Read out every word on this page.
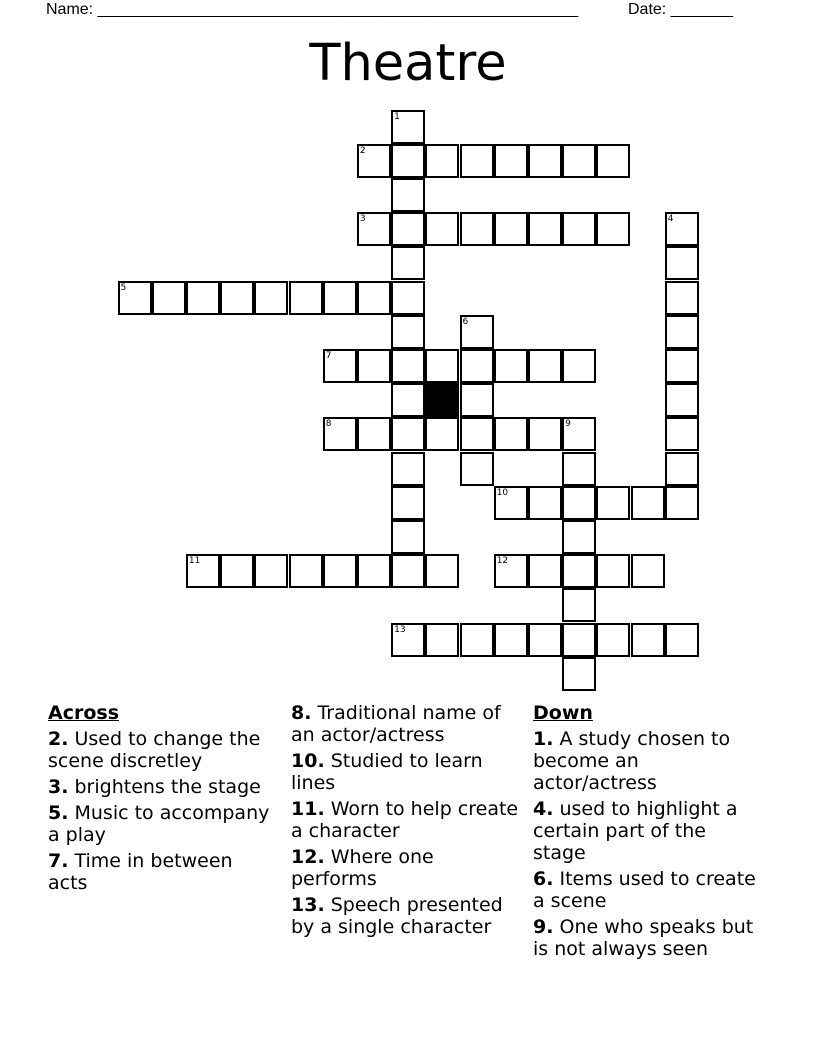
Name: ______________________________________________________	Date: _______
Theatre
1
2
3	4
5
6
7
8	9
10
11	12
13
Across
2. Used to change the scene discretley
3. brightens the stage
5. Music to accompany a play
7. Time in between acts
8. Traditional name of an actor/actress
10. Studied to learn lines
11. Worn to help create a character
12. Where one performs
13. Speech presented by a single character
Down
1. A study chosen to become an actor/actress
4. used to highlight a certain part of the stage
6. Items used to create a scene
9. One who speaks but is not always seen
